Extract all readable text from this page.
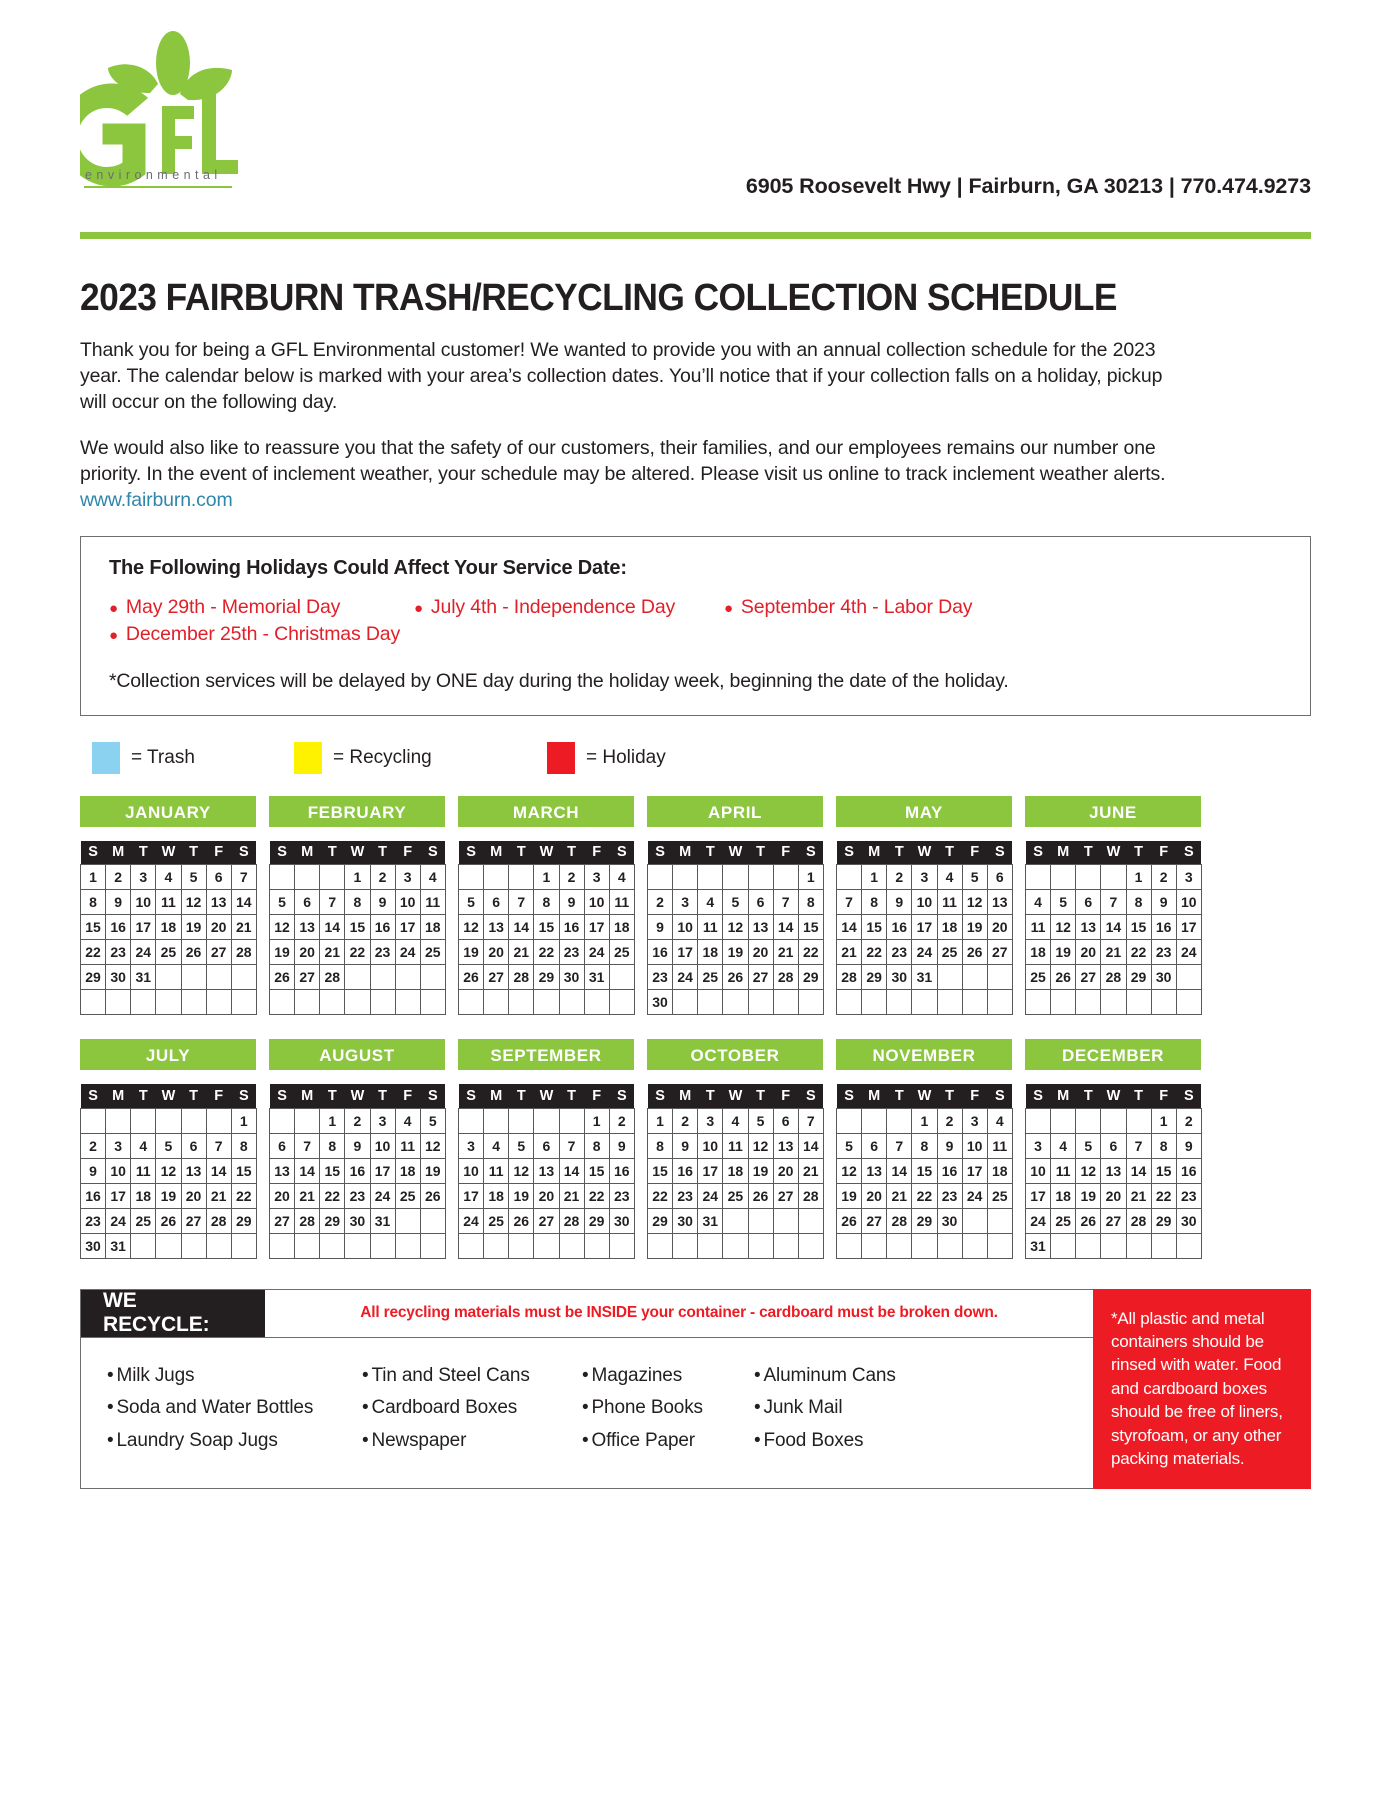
e n v i r o n m e n t a l	6905 Roosevelt Hwy | Fairburn, GA 30213 | 770.474.9273
2023 FAIRBURN TRASH/RECYCLING COLLECTION SCHEDULE

Thank you for being a GFL Environmental customer! We wanted to provide you with an annual collection schedule for the 2023 year. The calendar below is marked with your area’s collection dates. You’ll notice that if your collection falls on a holiday, pickup will occur on the following day.

We would also like to reassure you that the safety of our customers, their families, and our employees remains our number one priority. In the event of inclement weather, your schedule may be altered. Please visit us online to track inclement weather alerts. www.fairburn.com

The Following Holidays Could Affect Your Service Date:
● May 29th - Memorial Day	● July 4th - Independence Day	● September 4th - Labor Day
● December 25th - Christmas Day
*Collection services will be delayed by ONE day during the holiday week, beginning the date of the holiday.
= Trash	= Recycling	= Holiday
JANUARY
S	M	T	W	T	F	S
1	2	3	4	5	6	7
8	9	10	11	12	13	14
15	16	17	18	19	20	21
22	23	24	25	26	27	28
29	30	31				

FEBRUARY
S	M	T	W	T	F	S
			1	2	3	4
5	6	7	8	9	10	11
12	13	14	15	16	17	18
19	20	21	22	23	24	25
26	27	28				

MARCH
S	M	T	W	T	F	S
			1	2	3	4
5	6	7	8	9	10	11
12	13	14	15	16	17	18
19	20	21	22	23	24	25
26	27	28	29	30	31	

APRIL
S	M	T	W	T	F	S
						1
2	3	4	5	6	7	8
9	10	11	12	13	14	15
16	17	18	19	20	21	22
23	24	25	26	27	28	29
30						
MAY
S	M	T	W	T	F	S
	1	2	3	4	5	6
7	8	9	10	11	12	13
14	15	16	17	18	19	20
21	22	23	24	25	26	27
28	29	30	31			

JUNE
S	M	T	W	T	F	S
				1	2	3
4	5	6	7	8	9	10
11	12	13	14	15	16	17
18	19	20	21	22	23	24
25	26	27	28	29	30	

JULY
S	M	T	W	T	F	S
						1
2	3	4	5	6	7	8
9	10	11	12	13	14	15
16	17	18	19	20	21	22
23	24	25	26	27	28	29
30	31					
AUGUST
S	M	T	W	T	F	S
		1	2	3	4	5
6	7	8	9	10	11	12
13	14	15	16	17	18	19
20	21	22	23	24	25	26
27	28	29	30	31		

SEPTEMBER
S	M	T	W	T	F	S
					1	2
3	4	5	6	7	8	9
10	11	12	13	14	15	16
17	18	19	20	21	22	23
24	25	26	27	28	29	30

OCTOBER
S	M	T	W	T	F	S
1	2	3	4	5	6	7
8	9	10	11	12	13	14
15	16	17	18	19	20	21
22	23	24	25	26	27	28
29	30	31				

NOVEMBER
S	M	T	W	T	F	S
			1	2	3	4
5	6	7	8	9	10	11
12	13	14	15	16	17	18
19	20	21	22	23	24	25
26	27	28	29	30		

DECEMBER
S	M	T	W	T	F	S
					1	2
3	4	5	6	7	8	9
10	11	12	13	14	15	16
17	18	19	20	21	22	23
24	25	26	27	28	29	30
31						
WE RECYCLE:
All recycling materials must be INSIDE your container - cardboard must be broken down.
• Milk Jugs
• Soda and Water Bottles
• Laundry Soap Jugs
• Tin and Steel Cans
• Cardboard Boxes
• Newspaper
• Magazines
• Phone Books
• Office Paper
• Aluminum Cans
• Junk Mail
• Food Boxes
*All plastic and metal containers should be rinsed with water. Food and cardboard boxes should be free of liners, styrofoam, or any other packing materials.
